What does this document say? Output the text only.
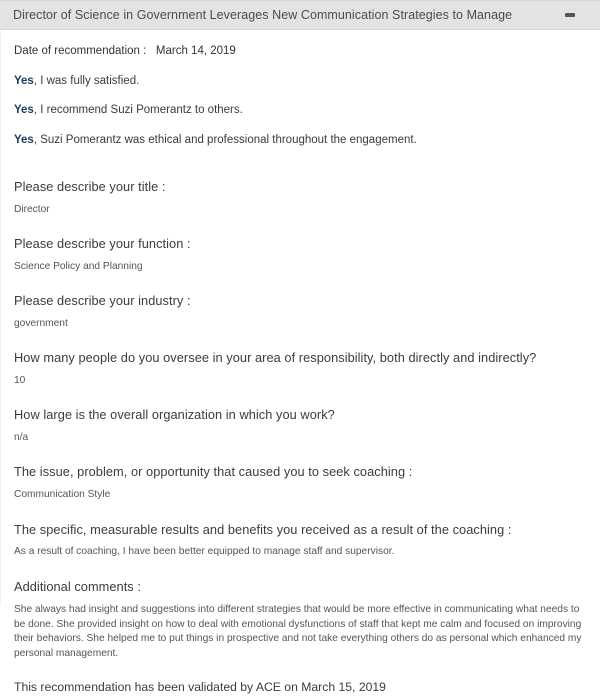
Director of Science in Government Leverages New Communication Strategies to Manage
Date of recommendation :   March 14, 2019
Yes, I was fully satisfied.
Yes, I recommend Suzi Pomerantz to others.
Yes, Suzi Pomerantz was ethical and professional throughout the engagement.
Please describe your title :
Director
Please describe your function :
Science Policy and Planning
Please describe your industry :
government
How many people do you oversee in your area of responsibility, both directly and indirectly?
10
How large is the overall organization in which you work?
n/a
The issue, problem, or opportunity that caused you to seek coaching :
Communication Style
The specific, measurable results and benefits you received as a result of the coaching :
As a result of coaching, I have been better equipped to manage staff and supervisor.
Additional comments :
She always had insight and suggestions into different strategies that would be more effective in communicating what needs to be done. She provided insight on how to deal with emotional dysfunctions of staff that kept me calm and focused on improving their behaviors. She helped me to put things in prospective and not take everything others do as personal which enhanced my personal management.
This recommendation has been validated by ACE on March 15, 2019
